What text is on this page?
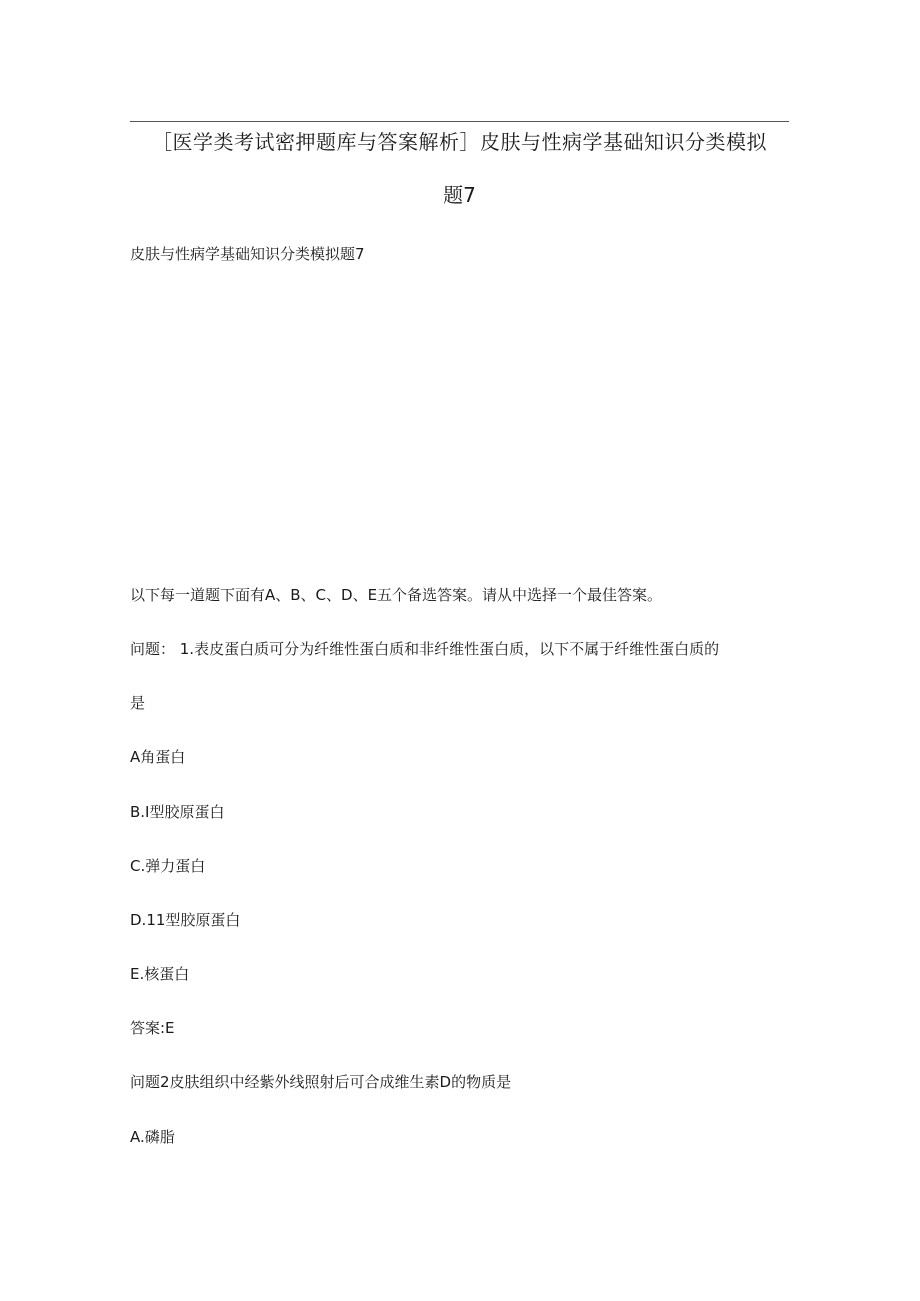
［医学类考试密押题库与答案解析］皮肤与性病学基础知识分类模拟
题7
皮肤与性病学基础知识分类模拟题7
以下每一道题下面有A、B、C、D、E五个备选答案。请从中选择一个最佳答案。
问题： 1.表皮蛋白质可分为纤维性蛋白质和非纤维性蛋白质，以下不属于纤维性蛋白质的
是
A角蛋白
B.I型胶原蛋白
C.弹力蛋白
D.11型胶原蛋白
E.核蛋白
答案:E
问题2皮肤组织中经紫外线照射后可合成维生素D的物质是
A.磷脂
